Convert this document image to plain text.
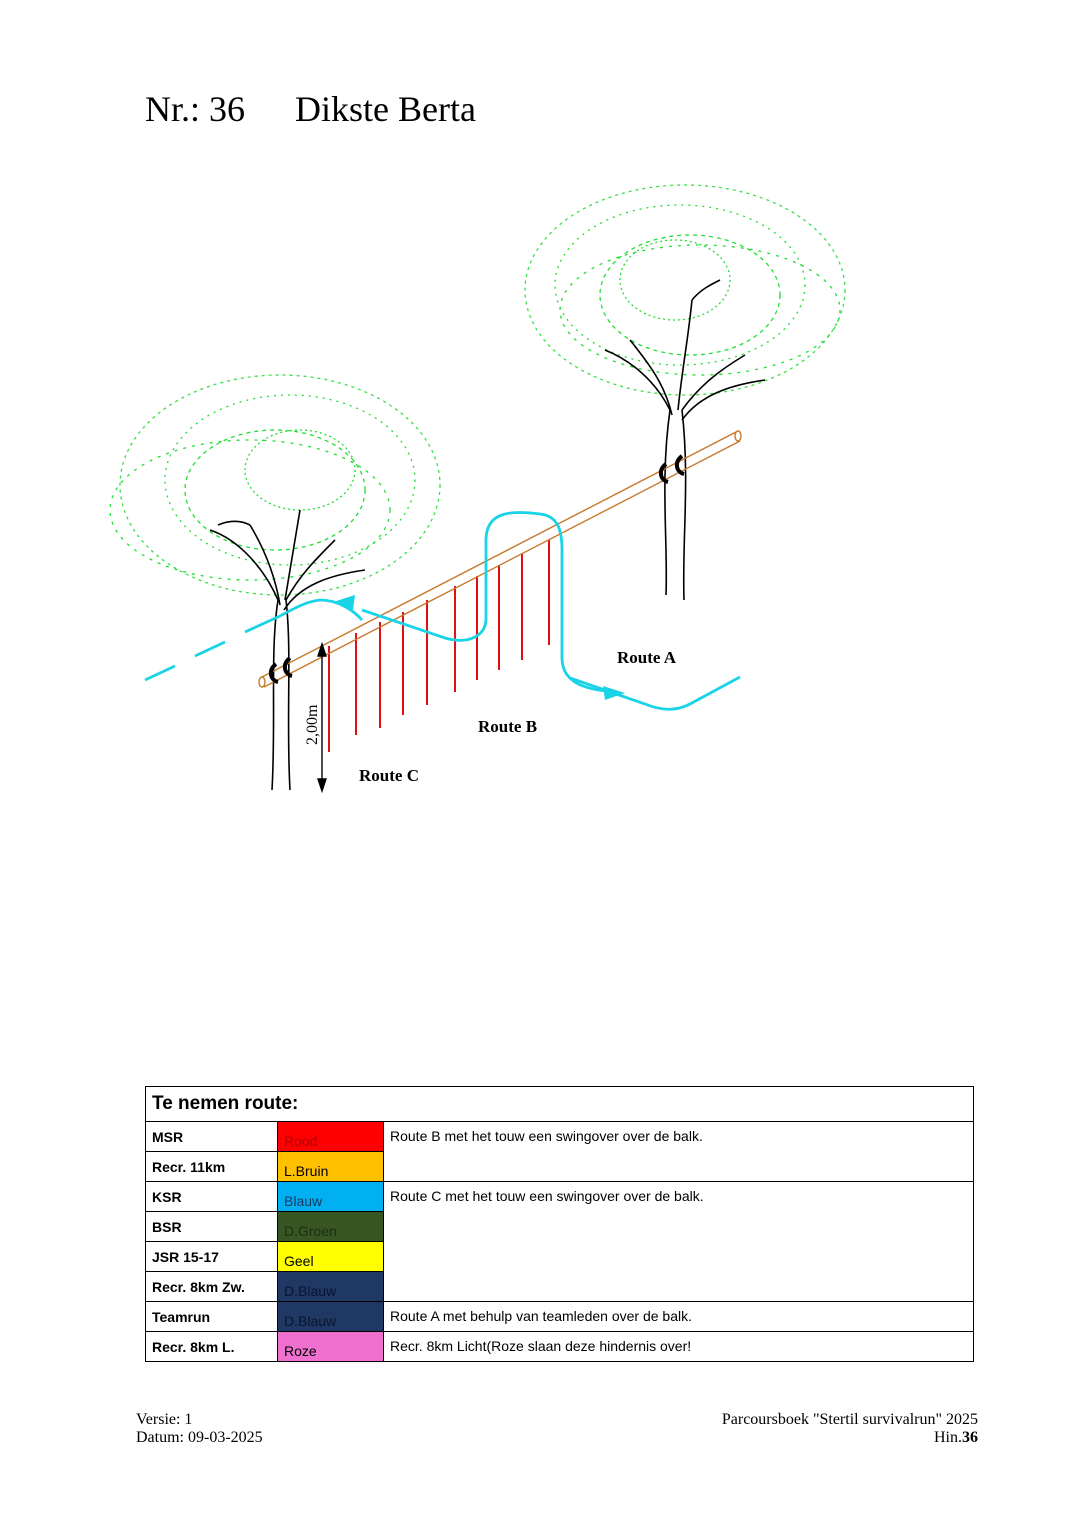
Nr.: 36 Dikste Berta
2,00m
Route A
Route B
Route C
Te nemen route:		
MSR	Rood	Route B met het touw een swingover over de balk.
Recr. 11km	L.Bruin	
KSR	Blauw	Route C met het touw een swingover over de balk.
BSR	D.Groen	
JSR 15-17	Geel	
Recr. 8km Zw.	D.Blauw	
Teamrun	D.Blauw	Route A met behulp van teamleden over de balk.
Recr. 8km L.	Roze	Recr. 8km Licht(Roze slaan deze hindernis over!
Versie: 1
Datum: 09-03-2025
Parcoursboek "Stertil survivalrun" 2025
Hin.36
